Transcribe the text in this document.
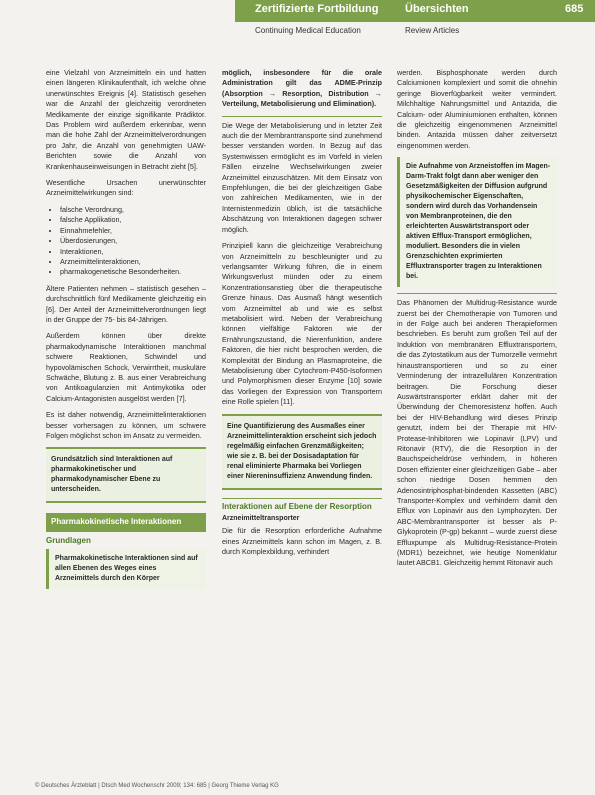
Zertifizierte Fortbildung Übersichten	685
Continuing Medical Education	Review Articles

eine Vielzahl von Arzneimitteln ein und hatten einen längeren Klinikaufenthalt, ich welche ohne unerwünschtes Ereignis [4]. Statistisch gesehen war die Anzahl der gleichzeitig verordneten Medikamente der einzige signifikante Prädiktor. Das Problem wird außerdem erkennbar, wenn man die hohe Zahl der Arzneimittelverordnungen pro Jahr, die Anzahl von genehmigten UAW-Berichten sowie die Anzahl von Krankenhauseinweisungen in Betracht zieht [5].

Wesentliche Ursachen unerwünschter Arzneimittelwirkungen sind:

• falsche Verordnung,
• falsche Applikation,
• Einnahmefehler,
• Überdosierungen,
• Interaktionen,
• Arzneimittelinteraktionen,
• pharmakogenetische Besonderheiten.

Ältere Patienten nehmen – statistisch gesehen – durchschnittlich fünf Medikamente gleichzeitig ein [6]. Der Anteil der Arzneimittelverordnungen liegt in der Gruppe der 75- bis 84-Jährigen.

Außerdem können über direkte pharmakodynamische Interaktionen manchmal schwere Reaktionen, Schwindel und hypovolämischen Schock, Verwirrtheit, muskuläre Schwäche, Blutung z. B. aus einer Verabreichung von Antikoagulanzien mit Antimykotika oder Calcium-Antagonisten ausgelöst werden [7].

Es ist daher notwendig, Arzneimittelinteraktionen besser vorhersagen zu können, um schwere Folgen möglichst schon im Ansatz zu vermeiden.

Grundsätzlich sind Interaktionen auf pharmakokinetischer und pharmakodynamischer Ebene zu unterscheiden.
Pharmakokinetische Interaktionen
Grundlagen
Pharmakokinetische Interaktionen sind auf allen Ebenen des Weges eines Arzneimittels durch den Körper

möglich, insbesondere für die orale Administration gilt das ADME-Prinzip (Absorption → Resorption, Distribution → Verteilung, Metabolisierung und Elimination).

Die Wege der Metabolisierung und in letzter Zeit auch die der Membrantransporte sind zunehmend besser verstanden worden. In Bezug auf das Systemwissen ermöglicht es im Vorfeld in vielen Fällen einzelne Wechselwirkungen zweier Arzneimittel einzuschätzen. Mit dem Einsatz von Empfehlungen, die bei der gleichzeitigen Gabe von zahlreichen Medikamenten, wie in der Internistenmedizin üblich, ist die tatsächliche Abschätzung von Interaktionen dagegen schwer möglich.

Prinzipiell kann die gleichzeitige Verabreichung von Arzneimitteln zu beschleunigter und zu verlangsamter Wirkung führen, die in einem Wirkungsverlust münden oder zu einem Konzentrationsanstieg über die therapeutische Grenze hinaus. Das Ausmaß hängt wesentlich vom Arzneimittel ab und wie es selbst metabolisiert wird. Neben der Verabreichung können vielfältige Faktoren wie der Ernährungszustand, die Nierenfunktion, andere Faktoren, die hier nicht besprochen werden, die Komplexität der Bindung an Plasmaproteine, die Metabolisierung über Cytochrom-P450-Isoformen und Polymorphismen dieser Enzyme [10] sowie das Vorliegen der Expression von Transportern eine Rolle spielen [11].

Eine Quantifizierung des Ausmaßes einer Arzneimittelinteraktion erscheint sich jedoch regelmäßig einfachen Grenzmäßigkeiten; wie sie z. B. bei der Dosisadaptation für renal eliminierte Pharmaka bei Vorliegen einer Niereninsuffizienz Anwendung finden.
Interaktionen auf Ebene der Resorption
Arzneimitteltransporter

Die für die Resorption erforderliche Aufnahme eines Arzneimittels kann schon im Magen, z. B. durch Komplexbildung, verhindert

werden. Bisphosphonate werden durch Calciumionen komplexiert und somit die ohnehin geringe Bioverfügbarkeit weiter vermindert. Milchhaltige Nahrungsmittel und Antazida, die Calcium- oder Aluminiumionen enthalten, können die gleichzeitig eingenommenen Arzneimittel binden. Antazida müssen daher zeitversetzt eingenommen werden.

Die Aufnahme von Arzneistoffen im Magen-Darm-Trakt folgt dann aber weniger den Gesetzmäßigkeiten der Diffusion aufgrund physikochemischer Eigenschaften, sondern wird durch das Vorhandensein von Membranproteinen, die den erleichterten Auswärtstransport oder aktiven Efflux-Transport ermöglichen, moduliert. Besonders die in vielen Grenzschichten exprimierten Effluxtransporter tragen zu Interaktionen bei.

Das Phänomen der Multidrug-Resistance wurde zuerst bei der Chemotherapie von Tumoren und in der Folge auch bei anderen Therapieformen beschrieben. Es beruht zum großen Teil auf der Induktion von membranären Effluxtransportern, die das Zytostatikum aus der Tumorzelle vermehrt hinaustransportieren und so zu einer Verminderung der intrazellulären Konzentration beitragen. Die Forschung dieser Auswärtstransporter erklärt daher mit der Überwindung der Chemoresistenz hoffen. Auch bei der HIV-Behandlung wird dieses Prinzip genutzt, indem bei der Therapie mit HIV-Protease-Inhibitoren wie Lopinavir (LPV) und Ritonavir (RTV), die die Resorption in der Bauchspeicheldrüse verhindern, in höheren Dosen effizienter einer gleichzeitigen Gabe – aber schon niedrige Dosen hemmen den Adenosintriphosphat-bindenden Kassetten (ABC) Transporter-Komplex und verhindern damit den Efflux von Lopinavir aus den Lymphozyten. Der ABC-Membrantransporter ist besser als P-Glykoprotein (P-gp) bekannt – wurde zuerst diese Effluxpumpe als Multidrug-Resistance-Protein (MDR1) bezeichnet, wie heutige Nomenklatur lautet ABCB1. Gleichzeitig hemmt Ritonavir auch

© Deutsches Ärzteblatt | Dtsch Med Wochenschr 2009; 134: 685 | Georg Thieme Verlag KG
